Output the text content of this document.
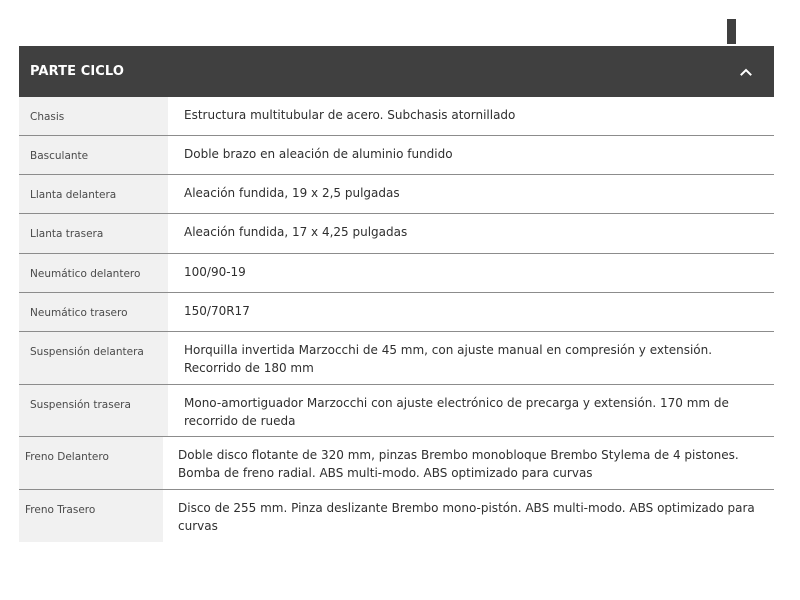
PARTE CICLO
Chasis	Estructura multitubular de acero. Subchasis atornillado
Basculante	Doble brazo en aleación de aluminio fundido
Llanta delantera	Aleación fundida, 19 x 2,5 pulgadas
Llanta trasera	Aleación fundida, 17 x 4,25 pulgadas
Neumático delantero	100/90-19
Neumático trasero	150/70R17
Suspensión delantera	Horquilla invertida Marzocchi de 45 mm, con ajuste manual en compresión y extensión. Recorrido de 180 mm
Suspensión trasera	Mono-amortiguador Marzocchi con ajuste electrónico de precarga y extensión. 170 mm de recorrido de rueda
Freno Delantero	Doble disco flotante de 320 mm, pinzas Brembo monobloque Brembo Stylema de 4 pistones. Bomba de freno radial. ABS multi-modo. ABS optimizado para curvas
Freno Trasero	Disco de 255 mm. Pinza deslizante Brembo mono-pistón. ABS multi-modo. ABS optimizado para curvas
